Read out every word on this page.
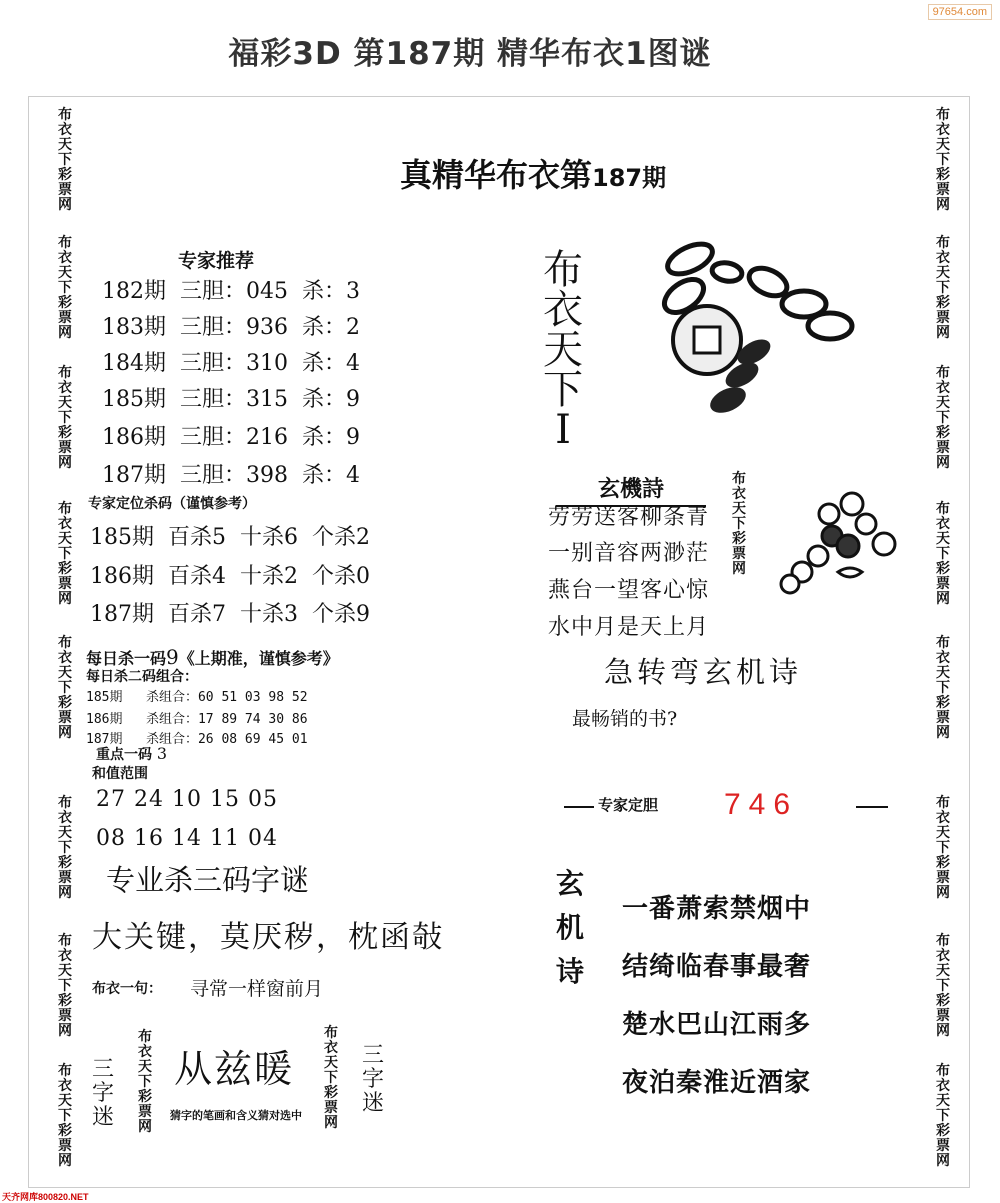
97654.com
福彩3D 第187期 精华布衣1图谜
布
衣
天
下
彩
票
网
布
衣
天
下
彩
票
网
布
衣
天
下
彩
票
网
布
衣
天
下
彩
票
网
布
衣
天
下
彩
票
网
布
衣
天
下
彩
票
网
布
衣
天
下
彩
票
网
布
衣
天
下
彩
票
网
布
衣
天
下
彩
票
网
布
衣
天
下
彩
票
网
布
衣
天
下
彩
票
网
布
衣
天
下
彩
票
网
布
衣
天
下
彩
票
网
布
衣
天
下
彩
票
网
布
衣
天
下
彩
票
网
布
衣
天
下
彩
票
网
布
衣
天
下
彩
票
网
布
衣
天
下
彩
票
网
布
衣
天
下
彩
票
网
真精华布衣第187期
专家推荐
182期  三胆：045  杀：3
183期  三胆：936  杀：2
184期  三胆：310  杀：4
185期  三胆：315  杀：9
186期  三胆：216  杀：9
187期  三胆：398  杀：4
专家定位杀码（谨慎参考）
185期  百杀5  十杀6  个杀2
186期  百杀4  十杀2  个杀0
187期  百杀7  十杀3  个杀9
每日杀一码9《上期准，谨慎参考》
每日杀二码组合：
185期   杀组合：60 51 03 98 52
186期   杀组合：17 89 74 30 86
187期   杀组合：26 08 69 45 01
重点一码 3
和值范围
27 24 10 15 05
08 16 14 11 04
专业杀三码字谜
大关键，莫厌秽，枕函敧
布衣一句： 寻常一样窗前月
三
字
迷
三
字
迷
从兹暖
猜字的笔画和含义猜对选中
布
衣
天
下
I
玄機詩
劳劳送客柳条青
一别音容两渺茫
燕台一望客心惊
水中月是天上月
急转弯玄机诗
最畅销的书?
专家定胆 746
玄
机
诗
一番萧索禁烟中
结绮临春事最奢
楚水巴山江雨多
夜泊秦淮近酒家
天齐网库800820.NET
